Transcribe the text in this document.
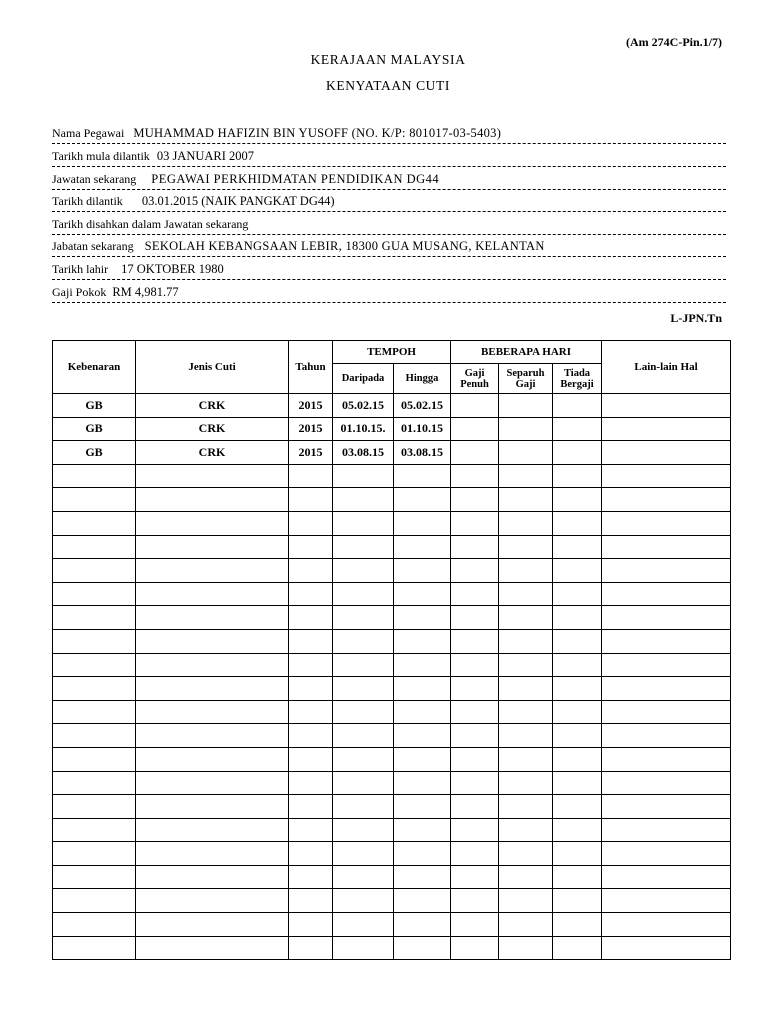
(Am 274C-Pin.1/7)
KERAJAAN MALAYSIA
KENYATAAN CUTI
Nama Pegawai MUHAMMAD HAFIZIN BIN YUSOFF (NO. K/P: 801017-03-5403)
Tarikh mula dilantik 03 JANUARI 2007
Jawatan sekarang PEGAWAI PERKHIDMATAN PENDIDIKAN DG44
Tarikh dilantik 03.01.2015 (NAIK PANGKAT DG44)
Tarikh disahkan dalam Jawatan sekarang
Jabatan sekarang SEKOLAH KEBANGSAAN LEBIR, 18300 GUA MUSANG, KELANTAN
Tarikh lahir 17 OKTOBER 1980
Gaji Pokok RM 4,981.77
L-JPN.Tn
Kebenaran	Jenis Cuti	Tahun	TEMPOH		BEBERAPA HARI			Lain-lain Hal
			Daripada	Hingga	Gaji Penuh	Separuh Gaji	Tiada Bergaji	
GB	CRK	2015	05.02.15	05.02.15				
GB	CRK	2015	01.10.15.	01.10.15				
GB	CRK	2015	03.08.15	03.08.15				
